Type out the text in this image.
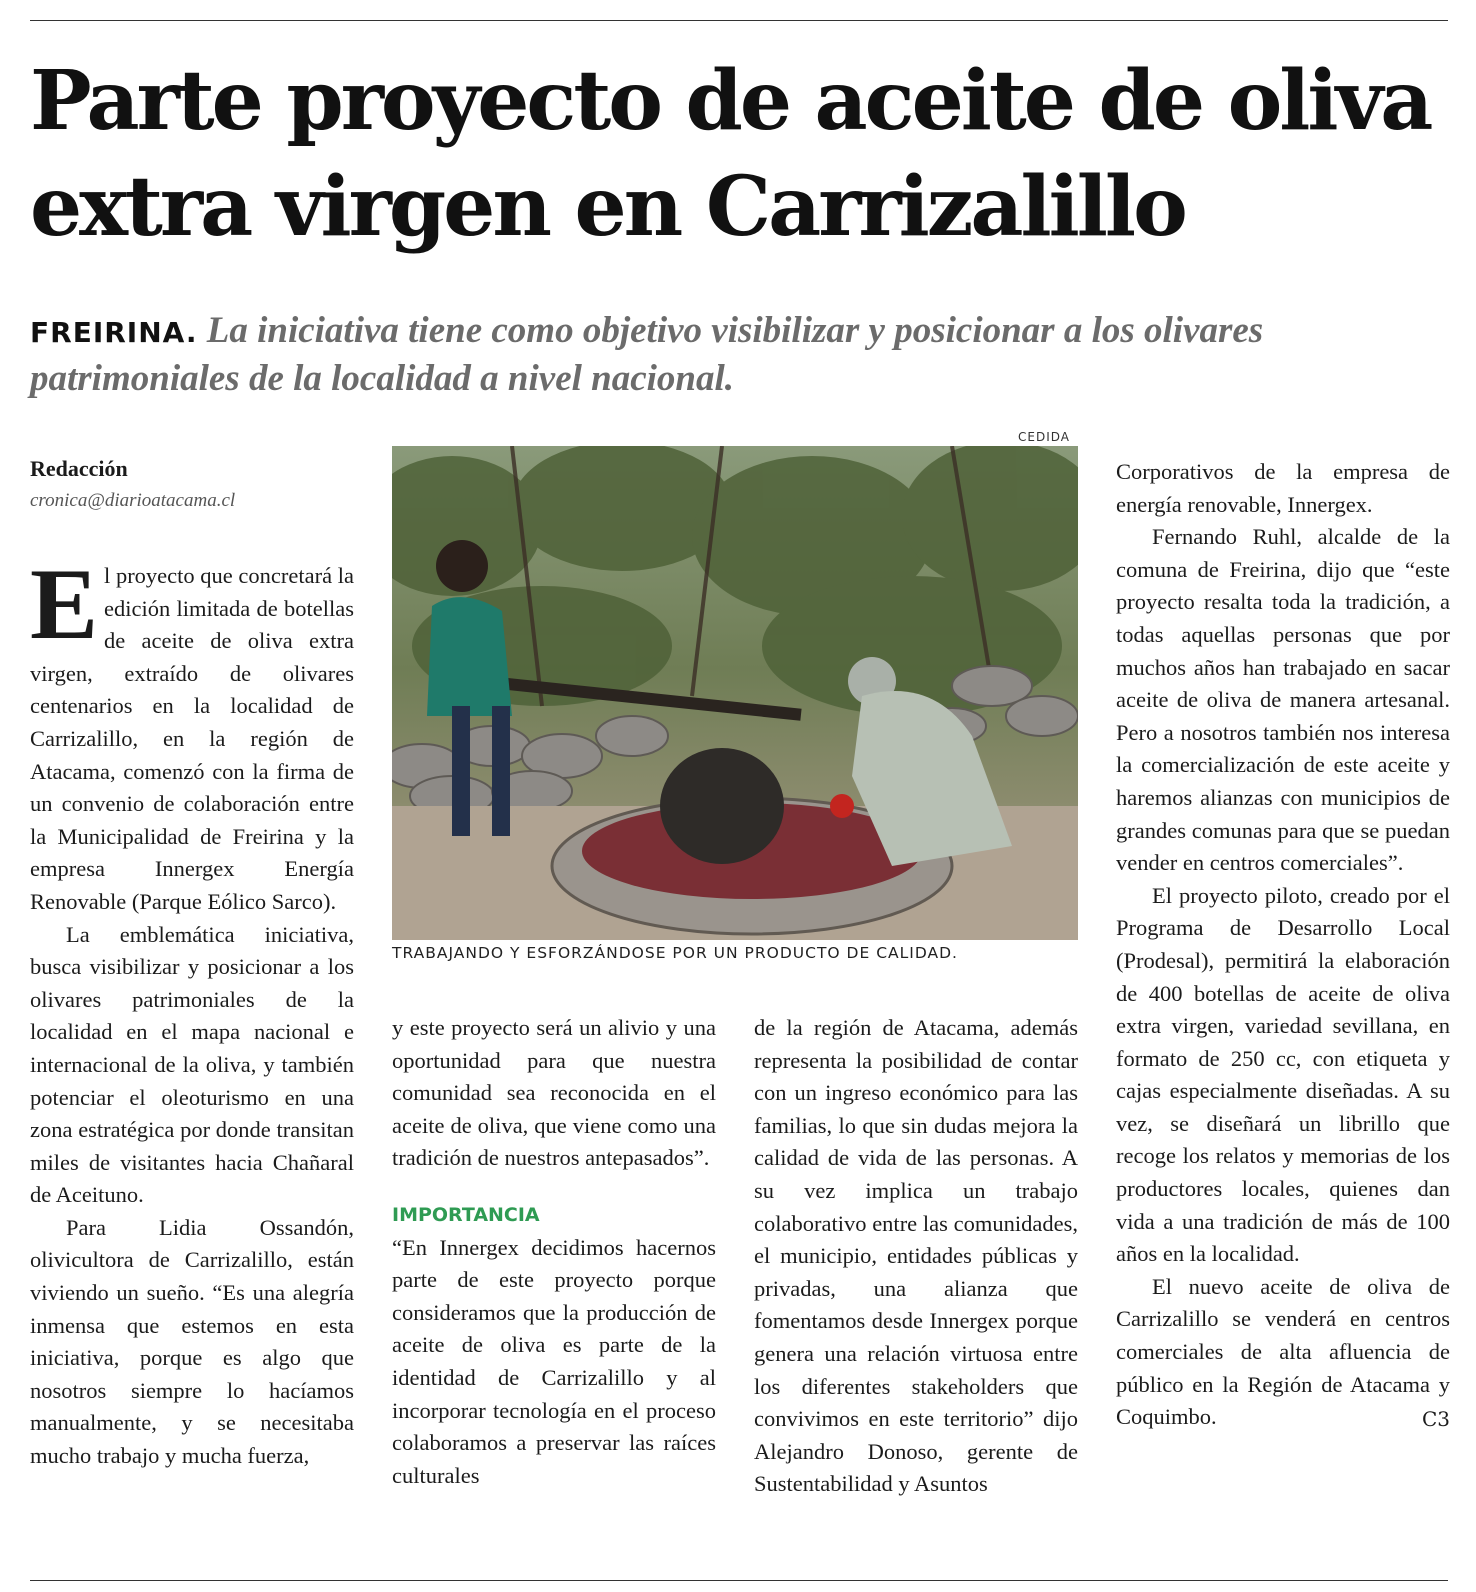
Parte proyecto de aceite de oliva extra virgen en Carrizalillo

FREIRINA. La iniciativa tiene como objetivo visibilizar y posicionar a los olivares patrimoniales de la localidad a nivel nacional.

Redacción
cronica@diarioatacama.cl

El proyecto que concretará la edición limitada de botellas de aceite de oliva extra virgen, extraído de olivares centenarios en la localidad de Carrizalillo, en la región de Atacama, comenzó con la firma de un convenio de colaboración entre la Municipalidad de Freirina y la empresa Innergex Energía Renovable (Parque Eólico Sarco).

La emblemática iniciativa, busca visibilizar y posicionar a los olivares patrimoniales de la localidad en el mapa nacional e internacional de la oliva, y también potenciar el oleoturismo en una zona estratégica por donde transitan miles de visitantes hacia Chañaral de Aceituno.

Para Lidia Ossandón, olivicultora de Carrizalillo, están viviendo un sueño. “Es una alegría inmensa que estemos en esta iniciativa, porque es algo que nosotros siempre lo hacíamos manualmente, y se necesitaba mucho trabajo y mucha fuerza,

CEDIDA
TRABAJANDO Y ESFORZÁNDOSE POR UN PRODUCTO DE CALIDAD.

y este proyecto será un alivio y una oportunidad para que nuestra comunidad sea reconocida en el aceite de oliva, que viene como una tradición de nuestros antepasados”.

IMPORTANCIA

“En Innergex decidimos hacernos parte de este proyecto porque consideramos que la producción de aceite de oliva es parte de la identidad de Carrizalillo y al incorporar tecnología en el proceso colaboramos a preservar las raíces culturales

de la región de Atacama, además representa la posibilidad de contar con un ingreso económico para las familias, lo que sin dudas mejora la calidad de vida de las personas. A su vez implica un trabajo colaborativo entre las comunidades, el municipio, entidades públicas y privadas, una alianza que fomentamos desde Innergex porque genera una relación virtuosa entre los diferentes stakeholders que convivimos en este territorio” dijo Alejandro Donoso, gerente de Sustentabilidad y Asuntos

Corporativos de la empresa de energía renovable, Innergex.

Fernando Ruhl, alcalde de la comuna de Freirina, dijo que “este proyecto resalta toda la tradición, a todas aquellas personas que por muchos años han trabajado en sacar aceite de oliva de manera artesanal. Pero a nosotros también nos interesa la comercialización de este aceite y haremos alianzas con municipios de grandes comunas para que se puedan vender en centros comerciales”.

El proyecto piloto, creado por el Programa de Desarrollo Local (Prodesal), permitirá la elaboración de 400 botellas de aceite de oliva extra virgen, variedad sevillana, en formato de 250 cc, con etiqueta y cajas especialmente diseñadas. A su vez, se diseñará un librillo que recoge los relatos y memorias de los productores locales, quienes dan vida a una tradición de más de 100 años en la localidad.

El nuevo aceite de oliva de Carrizalillo se venderá en centros comerciales de alta afluencia de público en la Región de Atacama y Coquimbo.	C3
